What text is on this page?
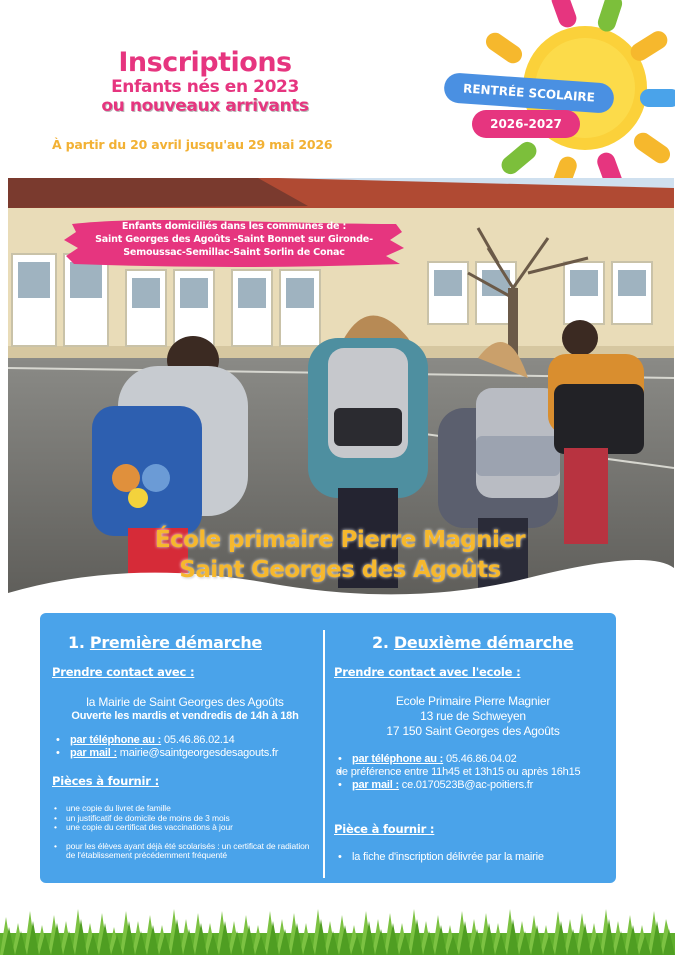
Inscriptions
Enfants nés en 2023
ou nouveaux arrivants
À partir du 20 avril jusqu'au 29 mai 2026
RENTRÉE SCOLAIRE
2026-2027
Enfants domiciliés dans les communes de :
Saint Georges des Agoûts -Saint Bonnet sur Gironde-
Semoussac-Semillac-Saint Sorlin de Conac
École primaire Pierre Magnier
Saint Georges des Agoûts
1. Première démarche
Prendre contact avec :
la Mairie de Saint Georges des Agoûts
Ouverte les mardis et vendredis de 14h à 18h
• par téléphone au : 05.46.86.02.14
• par mail : mairie@saintgeorgesdesagouts.fr
Pièces à fournir :
• une copie du livret de famille
• un justificatif de domicile de moins de 3 mois
• une copie du certificat des vaccinations à jour
• pour les élèves ayant déjà été scolarisés : un certificat de radiation de l'établissement précédemment fréquenté
2. Deuxième démarche
Prendre contact avec l'ecole :
Ecole Primaire Pierre Magnier
13 rue de Schweyen
17 150 Saint Georges des Agoûts
• par téléphone au : 05.46.86.04.02
• de préférence entre 11h45 et 13h15 ou après 16h15
• par mail : ce.0170523B@ac-poitiers.fr
Pièce à fournir :
• la fiche d'inscription délivrée par la mairie
